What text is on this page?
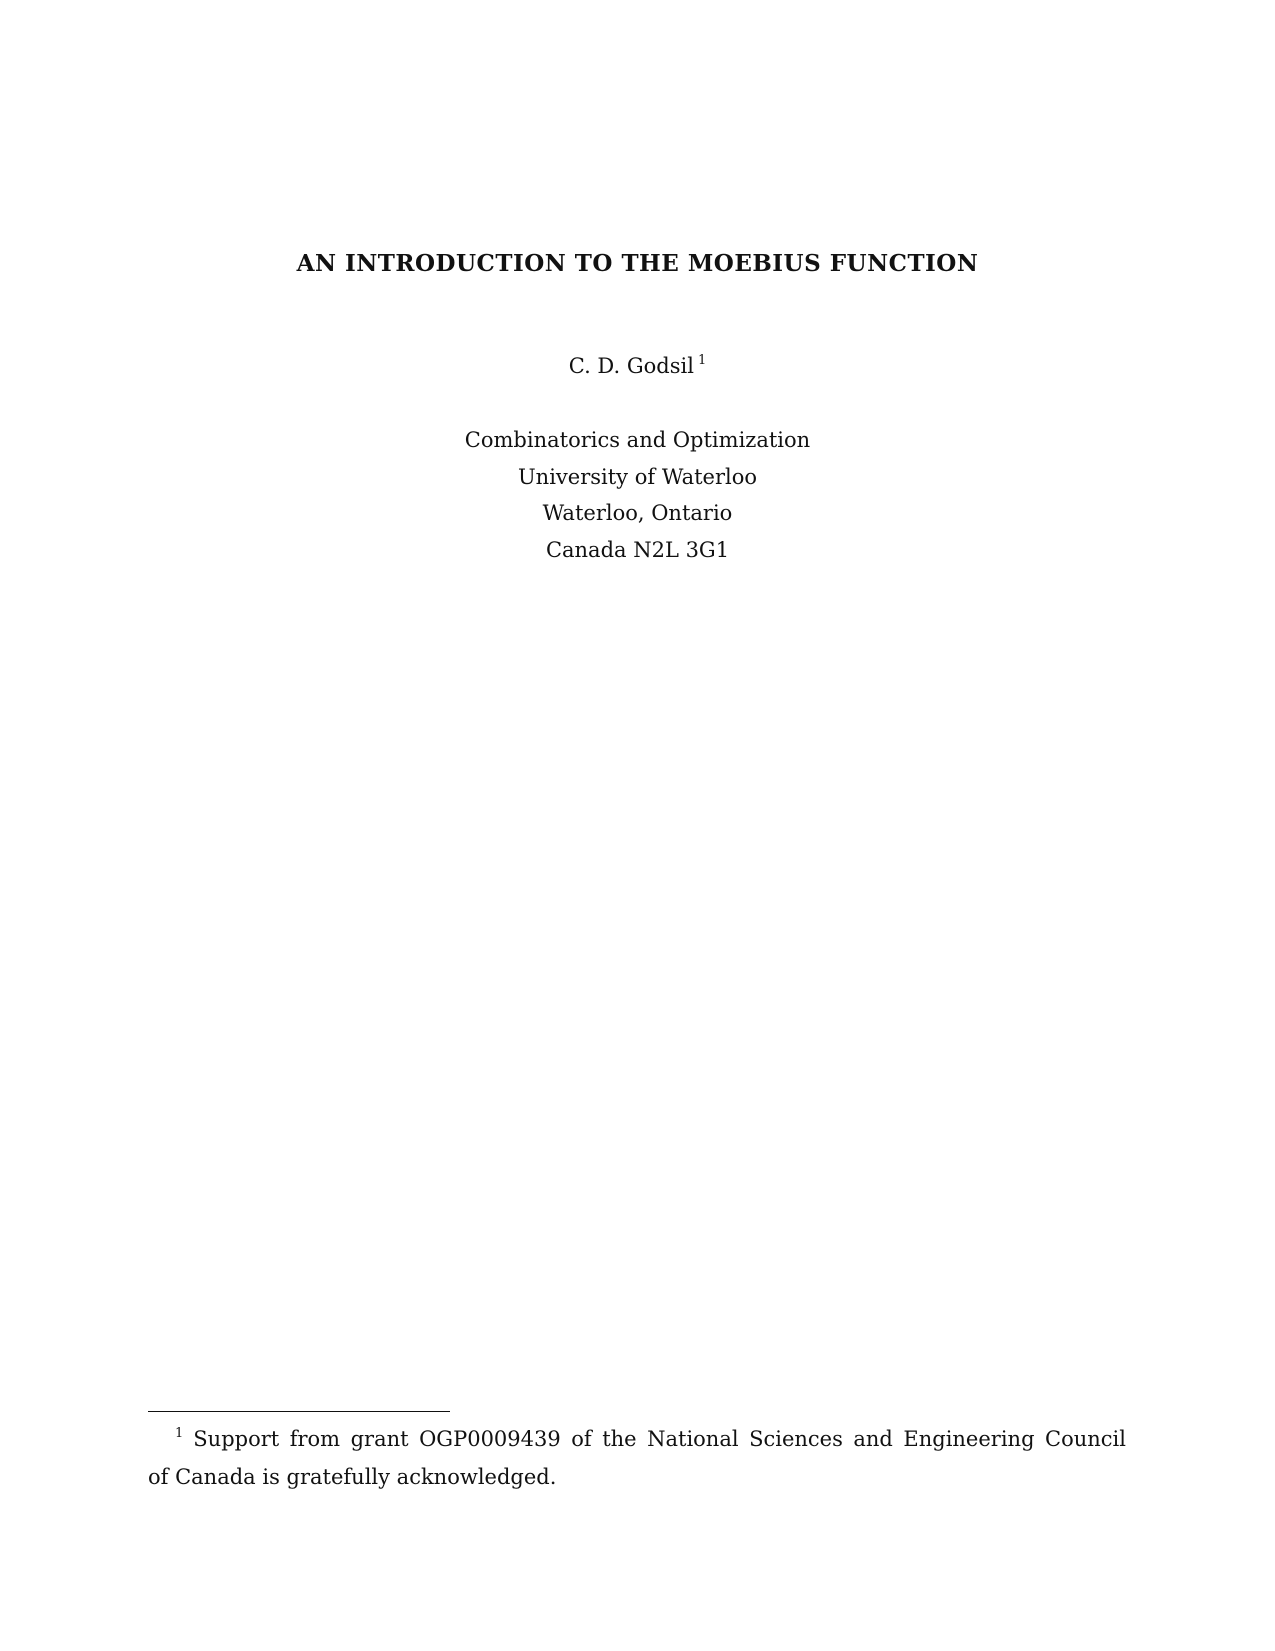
AN INTRODUCTION TO THE MOEBIUS FUNCTION

C. D. Godsil $^1$

Combinatorics and Optimization
University of Waterloo
Waterloo, Ontario
Canada N2L 3G1
$^1$ Support from grant OGP0009439 of the National Sciences and Engineering Council
of Canada is gratefully acknowledged.
